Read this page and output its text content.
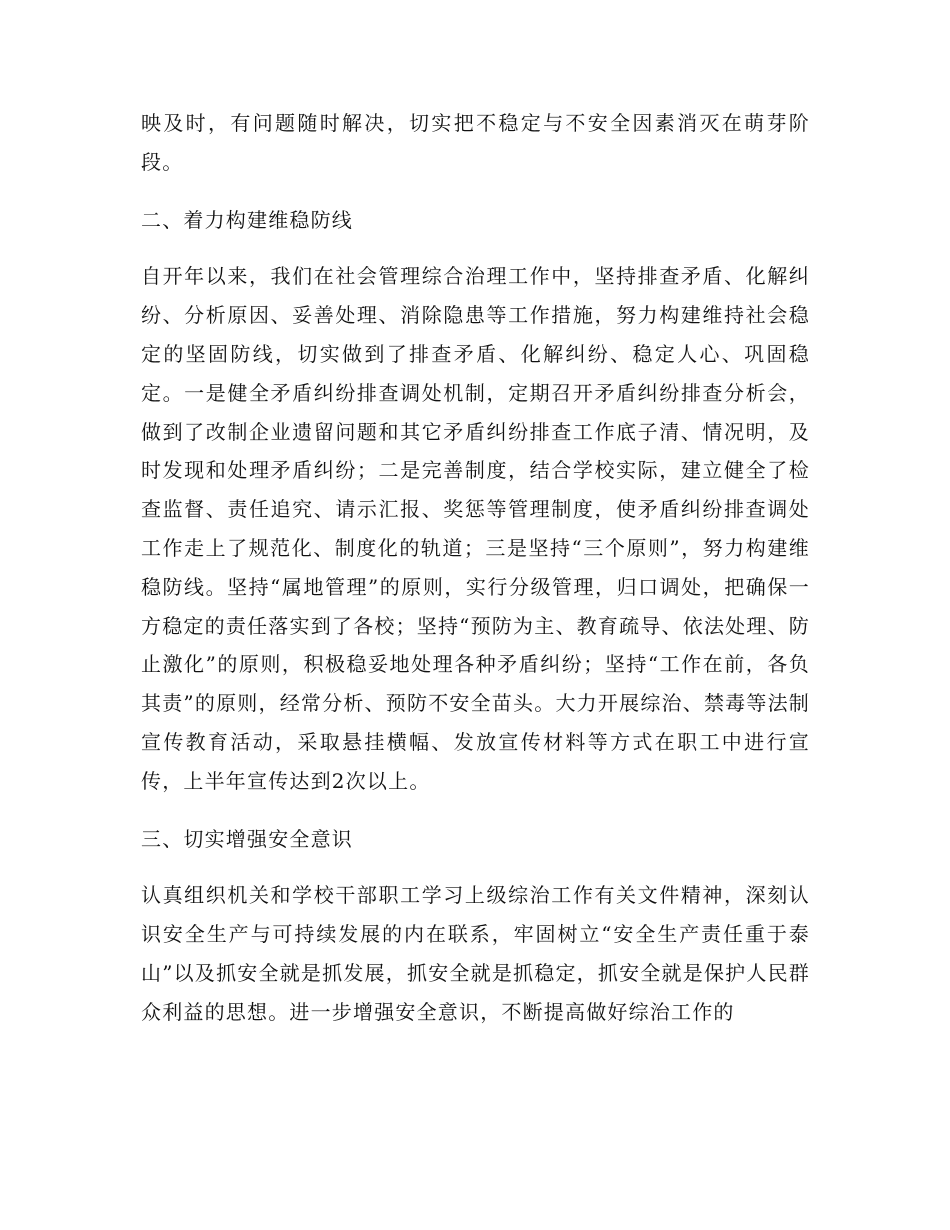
映及时，有问题随时解决，切实把不稳定与不安全因素消灭在萌芽阶段。

二、着力构建维稳防线

自开年以来，我们在社会管理综合治理工作中，坚持排查矛盾、化解纠纷、分析原因、妥善处理、消除隐患等工作措施，努力构建维持社会稳定的坚固防线，切实做到了排查矛盾、化解纠纷、稳定人心、巩固稳定。一是健全矛盾纠纷排查调处机制，定期召开矛盾纠纷排查分析会，做到了改制企业遗留问题和其它矛盾纠纷排查工作底子清、情况明，及时发现和处理矛盾纠纷；二是完善制度，结合学校实际，建立健全了检查监督、责任追究、请示汇报、奖惩等管理制度，使矛盾纠纷排查调处工作走上了规范化、制度化的轨道；三是坚持“三个原则”，努力构建维稳防线。坚持“属地管理”的原则，实行分级管理，归口调处，把确保一方稳定的责任落实到了各校；坚持“预防为主、教育疏导、依法处理、防止激化”的原则，积极稳妥地处理各种矛盾纠纷；坚持“工作在前，各负其责”的原则，经常分析、预防不安全苗头。大力开展综治、禁毒等法制宣传教育活动，采取悬挂横幅、发放宣传材料等方式在职工中进行宣传，上半年宣传达到2次以上。

三、切实增强安全意识

认真组织机关和学校干部职工学习上级综治工作有关文件精神，深刻认识安全生产与可持续发展的内在联系，牢固树立“安全生产责任重于泰山”以及抓安全就是抓发展，抓安全就是抓稳定，抓安全就是保护人民群众利益的思想。进一步增强安全意识，不断提高做好综治工作的
